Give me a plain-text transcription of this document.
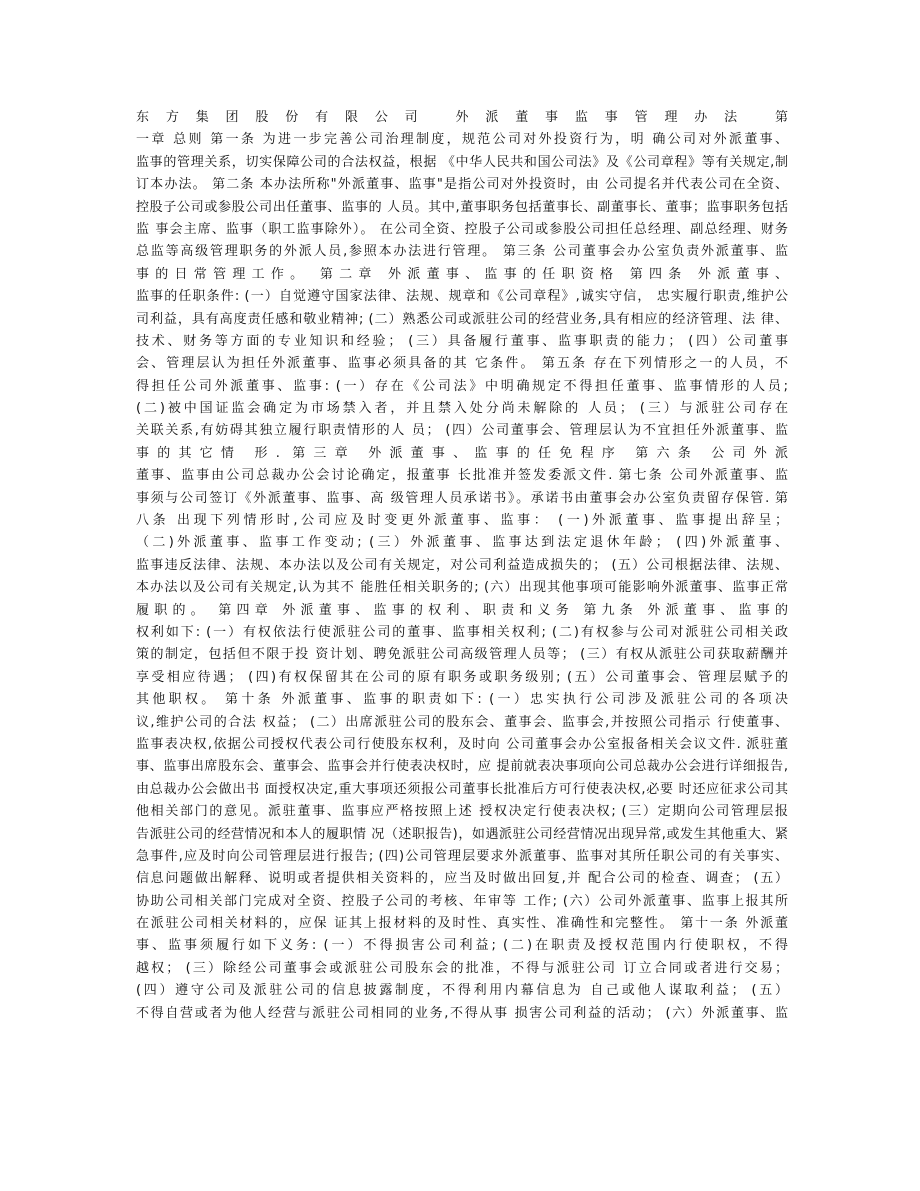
东方集团股份有限公司 外派董事监事管理办法 第
一章 总则 第一条 为进一步完善公司治理制度，规范公司对外投资行为，明 确公司对外派董事、
监事的管理关系，切实保障公司的合法权益，根据 《中华人民共和国公司法》及《公司章程》等有关规定,制
订本办法。 第二条 本办法所称"外派董事、监事"是指公司对外投资时，由 公司提名并代表公司在全资、
控股子公司或参股公司出任董事、监事的 人员。其中,董事职务包括董事长、副董事长、董事；监事职务包括
监 事会主席、监事（职工监事除外）。 在公司全资、控股子公司或参股公司担任总经理、副总经理、财务
总监等高级管理职务的外派人员,参照本办法进行管理。 第三条 公司董事会办公室负责外派董事、监
事的日常管理工作。 第二章 外派董事、监事的任职资格 第四条 外派董事、
监事的任职条件: (一）自觉遵守国家法律、法规、规章和《公司章程》,诚实守信， 忠实履行职责,维护公
司利益，具有高度责任感和敬业精神; (二）熟悉公司或派驻公司的经营业务,具有相应的经济管理、法 律、
技术、财务等方面的专业知识和经验； (三）具备履行董事、监事职责的能力； (四）公司董事
会、管理层认为担任外派董事、监事必须具备的其 它条件。 第五条 存在下列情形之一的人员，不
得担任公司外派董事、监事: (一）存在《公司法》中明确规定不得担任董事、监事情形的人员;
(二)被中国证监会确定为市场禁入者，并且禁入处分尚未解除的 人员； (三）与派驻公司存在
关联关系,有妨碍其独立履行职责情形的人 员； (四）公司董事会、管理层认为不宜担任外派董事、监
事的其它情 形. 第三章 外派董事、监事的任免程序 第六条 公司外派
董事、监事由公司总裁办公会讨论确定，报董事 长批准并签发委派文件. 第七条 公司外派董事、监
事须与公司签订《外派董事、监事、高 级管理人员承诺书》。承诺书由董事会办公室负责留存保管. 第
八条 出现下列情形时,公司应及时变更外派董事、监事： (一)外派董事、监事提出辞呈；
（二)外派董事、监事工作变动; (三）外派董事、监事达到法定退休年龄； (四)外派董事、
监事违反法律、法规、本办法以及公司有关规定，对公司利益造成损失的； (五）公司根据法律、法规、
本办法以及公司有关规定,认为其不 能胜任相关职务的; (六）出现其他事项可能影响外派董事、监事正常
履职的。 第四章 外派董事、监事的权利、职责和义务 第九条 外派董事、监事的
权利如下: (一）有权依法行使派驻公司的董事、监事相关权利; (二)有权参与公司对派驻公司相关政
策的制定，包括但不限于投 资计划、聘免派驻公司高级管理人员等； (三）有权从派驻公司获取薪酬并
享受相应待遇； (四)有权保留其在公司的原有职务或职务级别; (五）公司董事会、管理层赋予的
其他职权。 第十条 外派董事、监事的职责如下: (一）忠实执行公司涉及派驻公司的各项决
议,维护公司的合法 权益； (二）出席派驻公司的股东会、董事会、监事会,并按照公司指示 行使董事、
监事表决权,依据公司授权代表公司行使股东权利，及时向 公司董事会办公室报备相关会议文件. 派驻董
事、监事出席股东会、董事会、监事会并行使表决权时，应 提前就表决事项向公司总裁办公会进行详细报告,
由总裁办公会做出书 面授权决定,重大事项还须报公司董事长批准后方可行使表决权,必要 时还应征求公司其
他相关部门的意见。派驻董事、监事应严格按照上述 授权决定行使表决权; (三）定期向公司管理层报
告派驻公司的经营情况和本人的履职情 况（述职报告)，如遇派驻公司经营情况出现异常,或发生其他重大、紧
急事件,应及时向公司管理层进行报告; (四)公司管理层要求外派董事、监事对其所任职公司的有关事实、
信息问题做出解释、说明或者提供相关资料的，应当及时做出回复,并 配合公司的检查、调查； (五）
协助公司相关部门完成对全资、控股子公司的考核、年审等 工作; (六）公司外派董事、监事上报其所
在派驻公司相关材料的，应保 证其上报材料的及时性、真实性、准确性和完整性。 第十一条 外派董
事、监事须履行如下义务: (一）不得损害公司利益; (二)在职责及授权范围内行使职权，不得
越权； (三）除经公司董事会或派驻公司股东会的批准，不得与派驻公司 订立合同或者进行交易；
(四）遵守公司及派驻公司的信息披露制度，不得利用内幕信息为 自己或他人谋取利益； (五）
不得自营或者为他人经营与派驻公司相同的业务,不得从事 损害公司利益的活动； (六）外派董事、监
